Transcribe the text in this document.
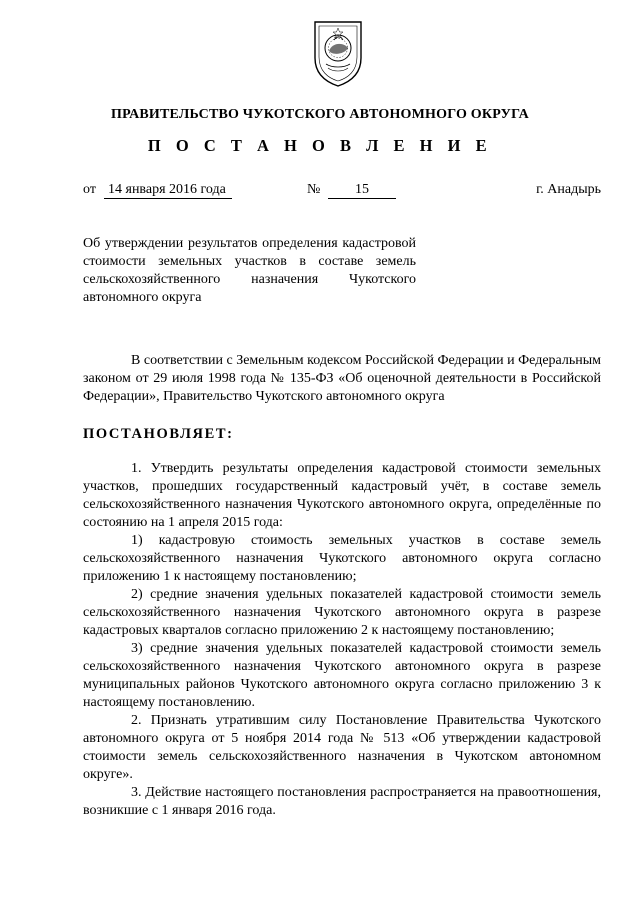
ПРАВИТЕЛЬСТВО ЧУКОТСКОГО АВТОНОМНОГО ОКРУГА
П О С Т А Н О В Л Е Н И Е
от 14 января 2016 года	№	15	г. Анадырь
Об утверждении результатов определения кадастровой стоимости земельных участков в составе земель сельскохозяйственного назначения Чукотского автономного округа

В соответствии с Земельным кодексом Российской Федерации и Федеральным законом от 29 июля 1998 года № 135-ФЗ «Об оценочной деятельности в Российской Федерации», Правительство Чукотского автономного округа

ПОСТАНОВЛЯЕТ:

1. Утвердить результаты определения кадастровой стоимости земельных участков, прошедших государственный кадастровый учёт, в составе земель сельскохозяйственного назначения Чукотского автономного округа, определённые по состоянию на 1 апреля 2015 года:

1) кадастровую стоимость земельных участков в составе земель сельскохозяйственного назначения Чукотского автономного округа согласно приложению 1 к настоящему постановлению;

2) средние значения удельных показателей кадастровой стоимости земель сельскохозяйственного назначения Чукотского автономного округа в разрезе кадастровых кварталов согласно приложению 2 к настоящему постановлению;

3) средние значения удельных показателей кадастровой стоимости земель сельскохозяйственного назначения Чукотского автономного округа в разрезе муниципальных районов Чукотского автономного округа согласно приложению 3 к настоящему постановлению.

2. Признать утратившим силу Постановление Правительства Чукотского автономного округа от 5 ноября 2014 года № 513 «Об утверждении кадастровой стоимости земель сельскохозяйственного назначения в Чукотском автономном округе».

3. Действие настоящего постановления распространяется на правоотношения, возникшие с 1 января 2016 года.
